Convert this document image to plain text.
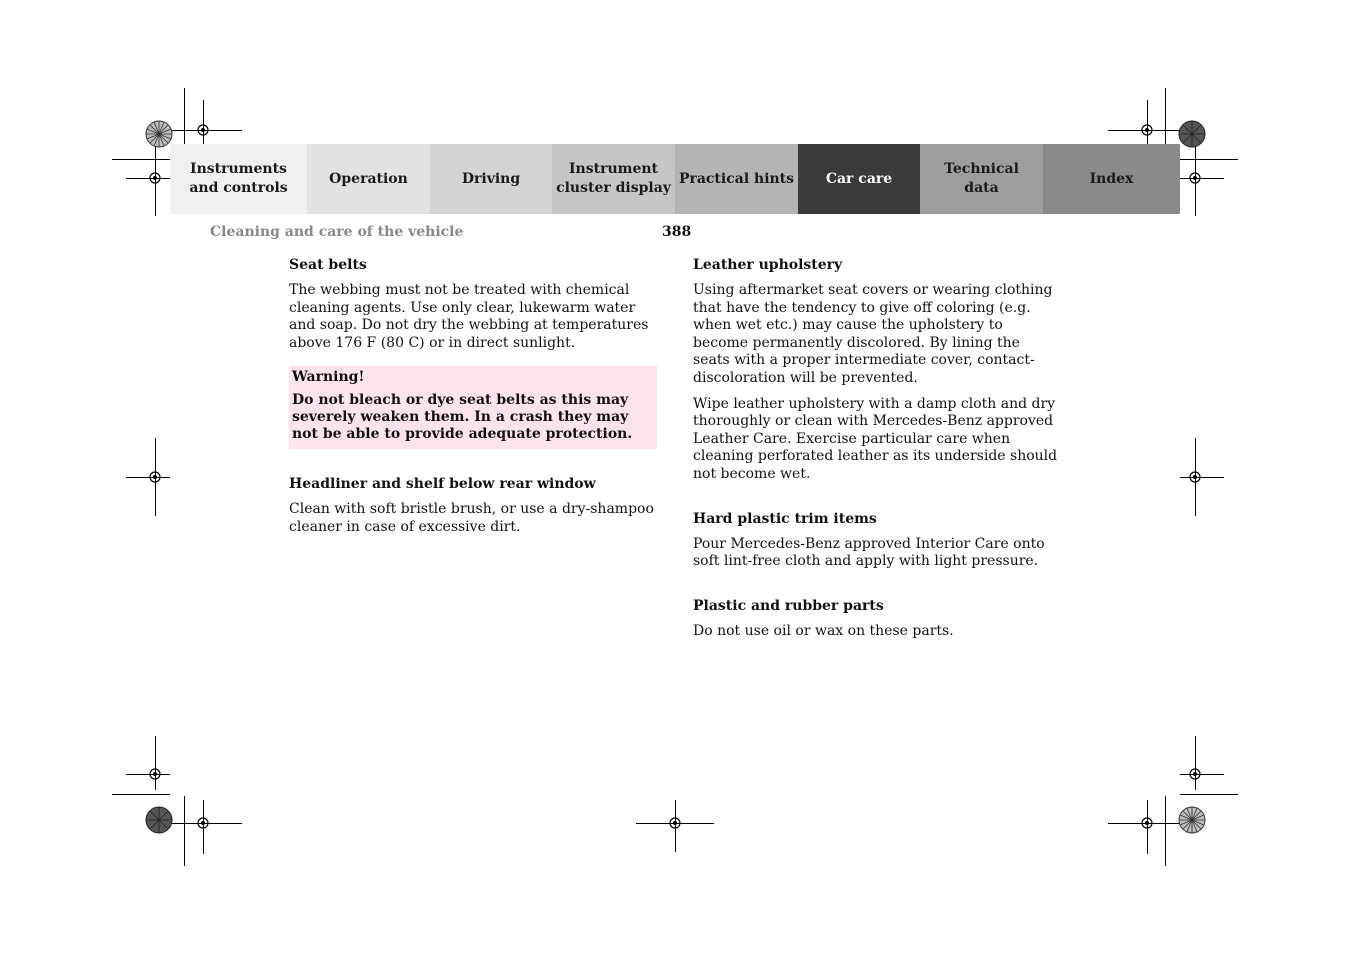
Instruments
and controls
Operation	Driving
Instrument
cluster display
Practical hints	Car care
Technical
data
Index
Cleaning and care of the vehicle	388
Seat belts

The webbing must not be treated with chemical cleaning agents. Use only clear, lukewarm water and soap. Do not dry the webbing at temperatures above 176 F (80 C) or in direct sunlight.

Warning!
Do not bleach or dye seat belts as this may severely weaken them. In a crash they may not be able to provide adequate protection.
Headliner and shelf below rear window

Clean with soft bristle brush, or use a dry-shampoo cleaner in case of excessive dirt.

Leather upholstery

Using aftermarket seat covers or wearing clothing that have the tendency to give off coloring (e.g. when wet etc.) may cause the upholstery to become permanently discolored. By lining the seats with a proper intermediate cover, contact-discoloration will be prevented.

Wipe leather upholstery with a damp cloth and dry thoroughly or clean with Mercedes-Benz approved Leather Care. Exercise particular care when cleaning perforated leather as its underside should not become wet.

Hard plastic trim items

Pour Mercedes-Benz approved Interior Care onto soft lint-free cloth and apply with light pressure.

Plastic and rubber parts

Do not use oil or wax on these parts.
